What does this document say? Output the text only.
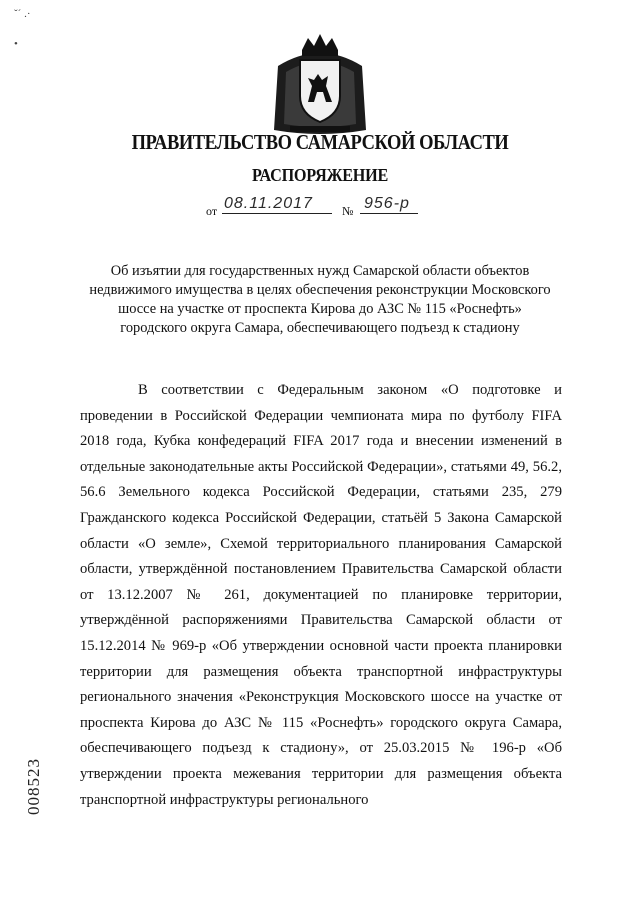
ˇ´ .·
•
ПРАВИТЕЛЬСТВО САМАРСКОЙ ОБЛАСТИ
РАСПОРЯЖЕНИЕ
от 08.11.2017 № 956-р
Об изъятии для государственных нужд Самарской области объектов недвижимого имущества в целях обеспечения реконструкции Московского шоссе на участке от проспекта Кирова до АЗС № 115 «Роснефть» городского округа Самара, обеспечивающего подъезд к стадиону
В соответствии с Федеральным законом «О подготовке и проведении в Российской Федерации чемпионата мира по футболу FIFA 2018 года, Кубка конфедераций FIFA 2017 года и внесении изменений в отдельные законодательные акты Российской Федерации», статьями 49, 56.2, 56.6 Земельного кодекса Российской Федерации, статьями 235, 279 Гражданского кодекса Российской Федерации, статьёй 5 Закона Самарской области «О земле», Схемой территориального планирования Самарской области, утверждённой постановлением Правительства Самарской области от 13.12.2007 № 261, документацией по планировке территории, утверждённой распоряжениями Правительства Самарской области от 15.12.2014 № 969-р «Об утверждении основной части проекта планировки территории для размещения объекта транспортной инфраструктуры регионального значения «Реконструкция Московского шоссе на участке от проспекта Кирова до АЗС № 115 «Роснефть» городского округа Самара, обеспечивающего подъезд к стадиону», от 25.03.2015 № 196-р «Об утверждении проекта межевания территории для размещения объекта транспортной инфраструктуры регионального
008523
